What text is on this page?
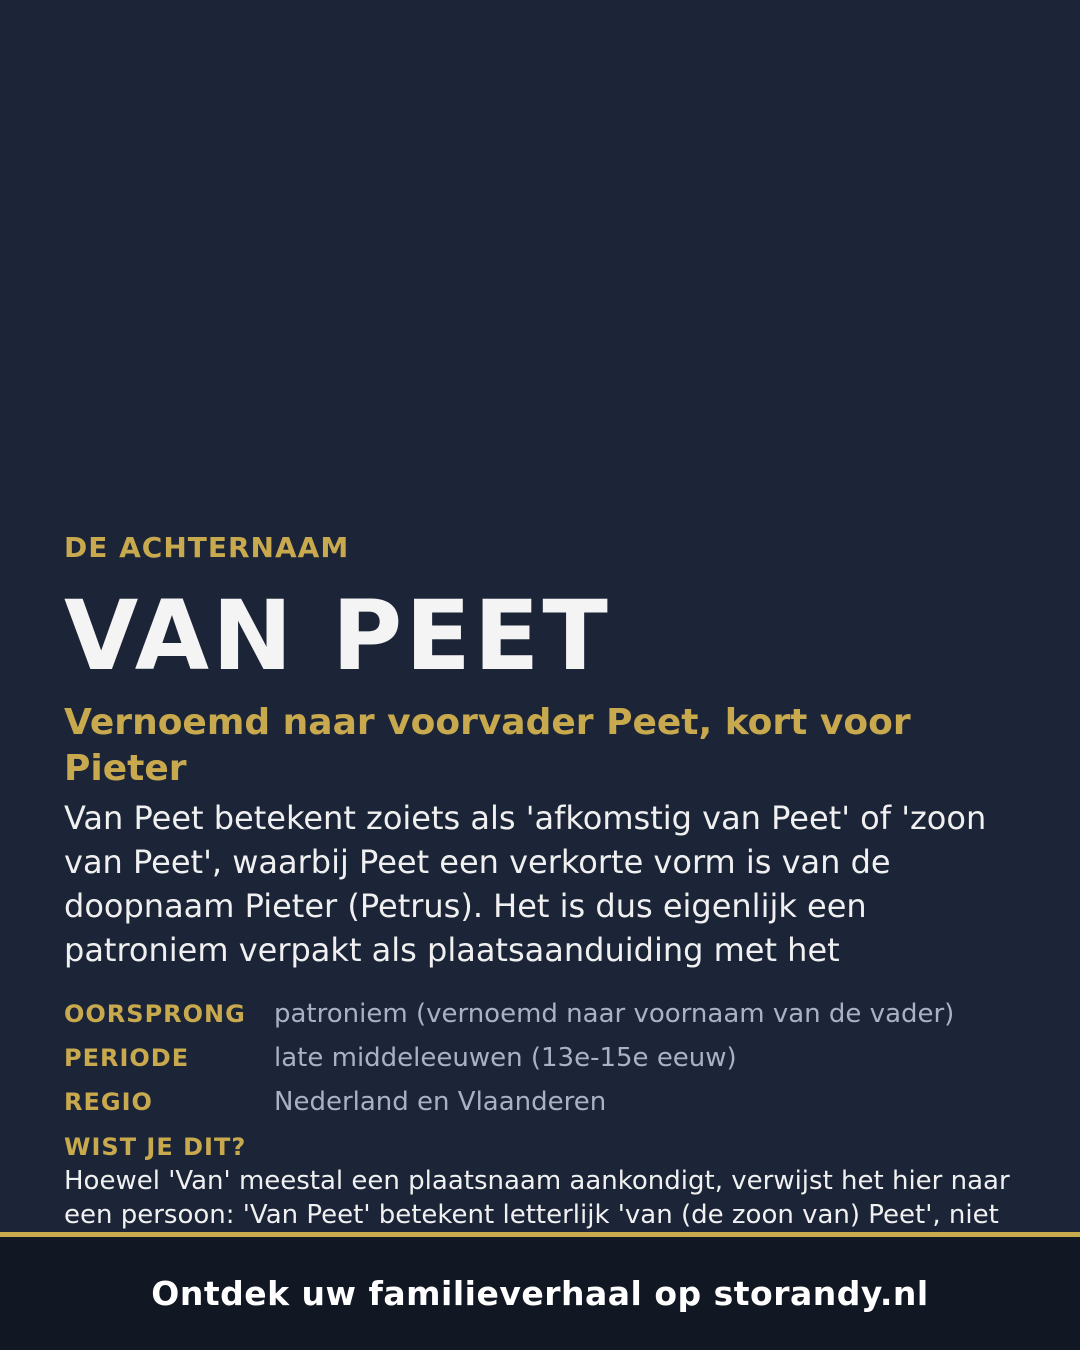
DE ACHTERNAAM
VAN PEET
Vernoemd naar voorvader Peet, kort voor Pieter
Van Peet betekent zoiets als 'afkomstig van Peet' of 'zoon van Peet', waarbij Peet een verkorte vorm is van de doopnaam Pieter (Petrus). Het is dus eigenlijk een patroniem verpakt als plaatsaanduiding met het
OORSPRONG	patroniem (vernoemd naar voornaam van de vader)
PERIODE	late middeleeuwen (13e-15e eeuw)
REGIO	Nederland en Vlaanderen
WIST JE DIT?
Hoewel 'Van' meestal een plaatsnaam aankondigt, verwijst het hier naar een persoon: 'Van Peet' betekent letterlijk 'van (de zoon van) Peet', niet
Ontdek uw familieverhaal op storandy.nl
